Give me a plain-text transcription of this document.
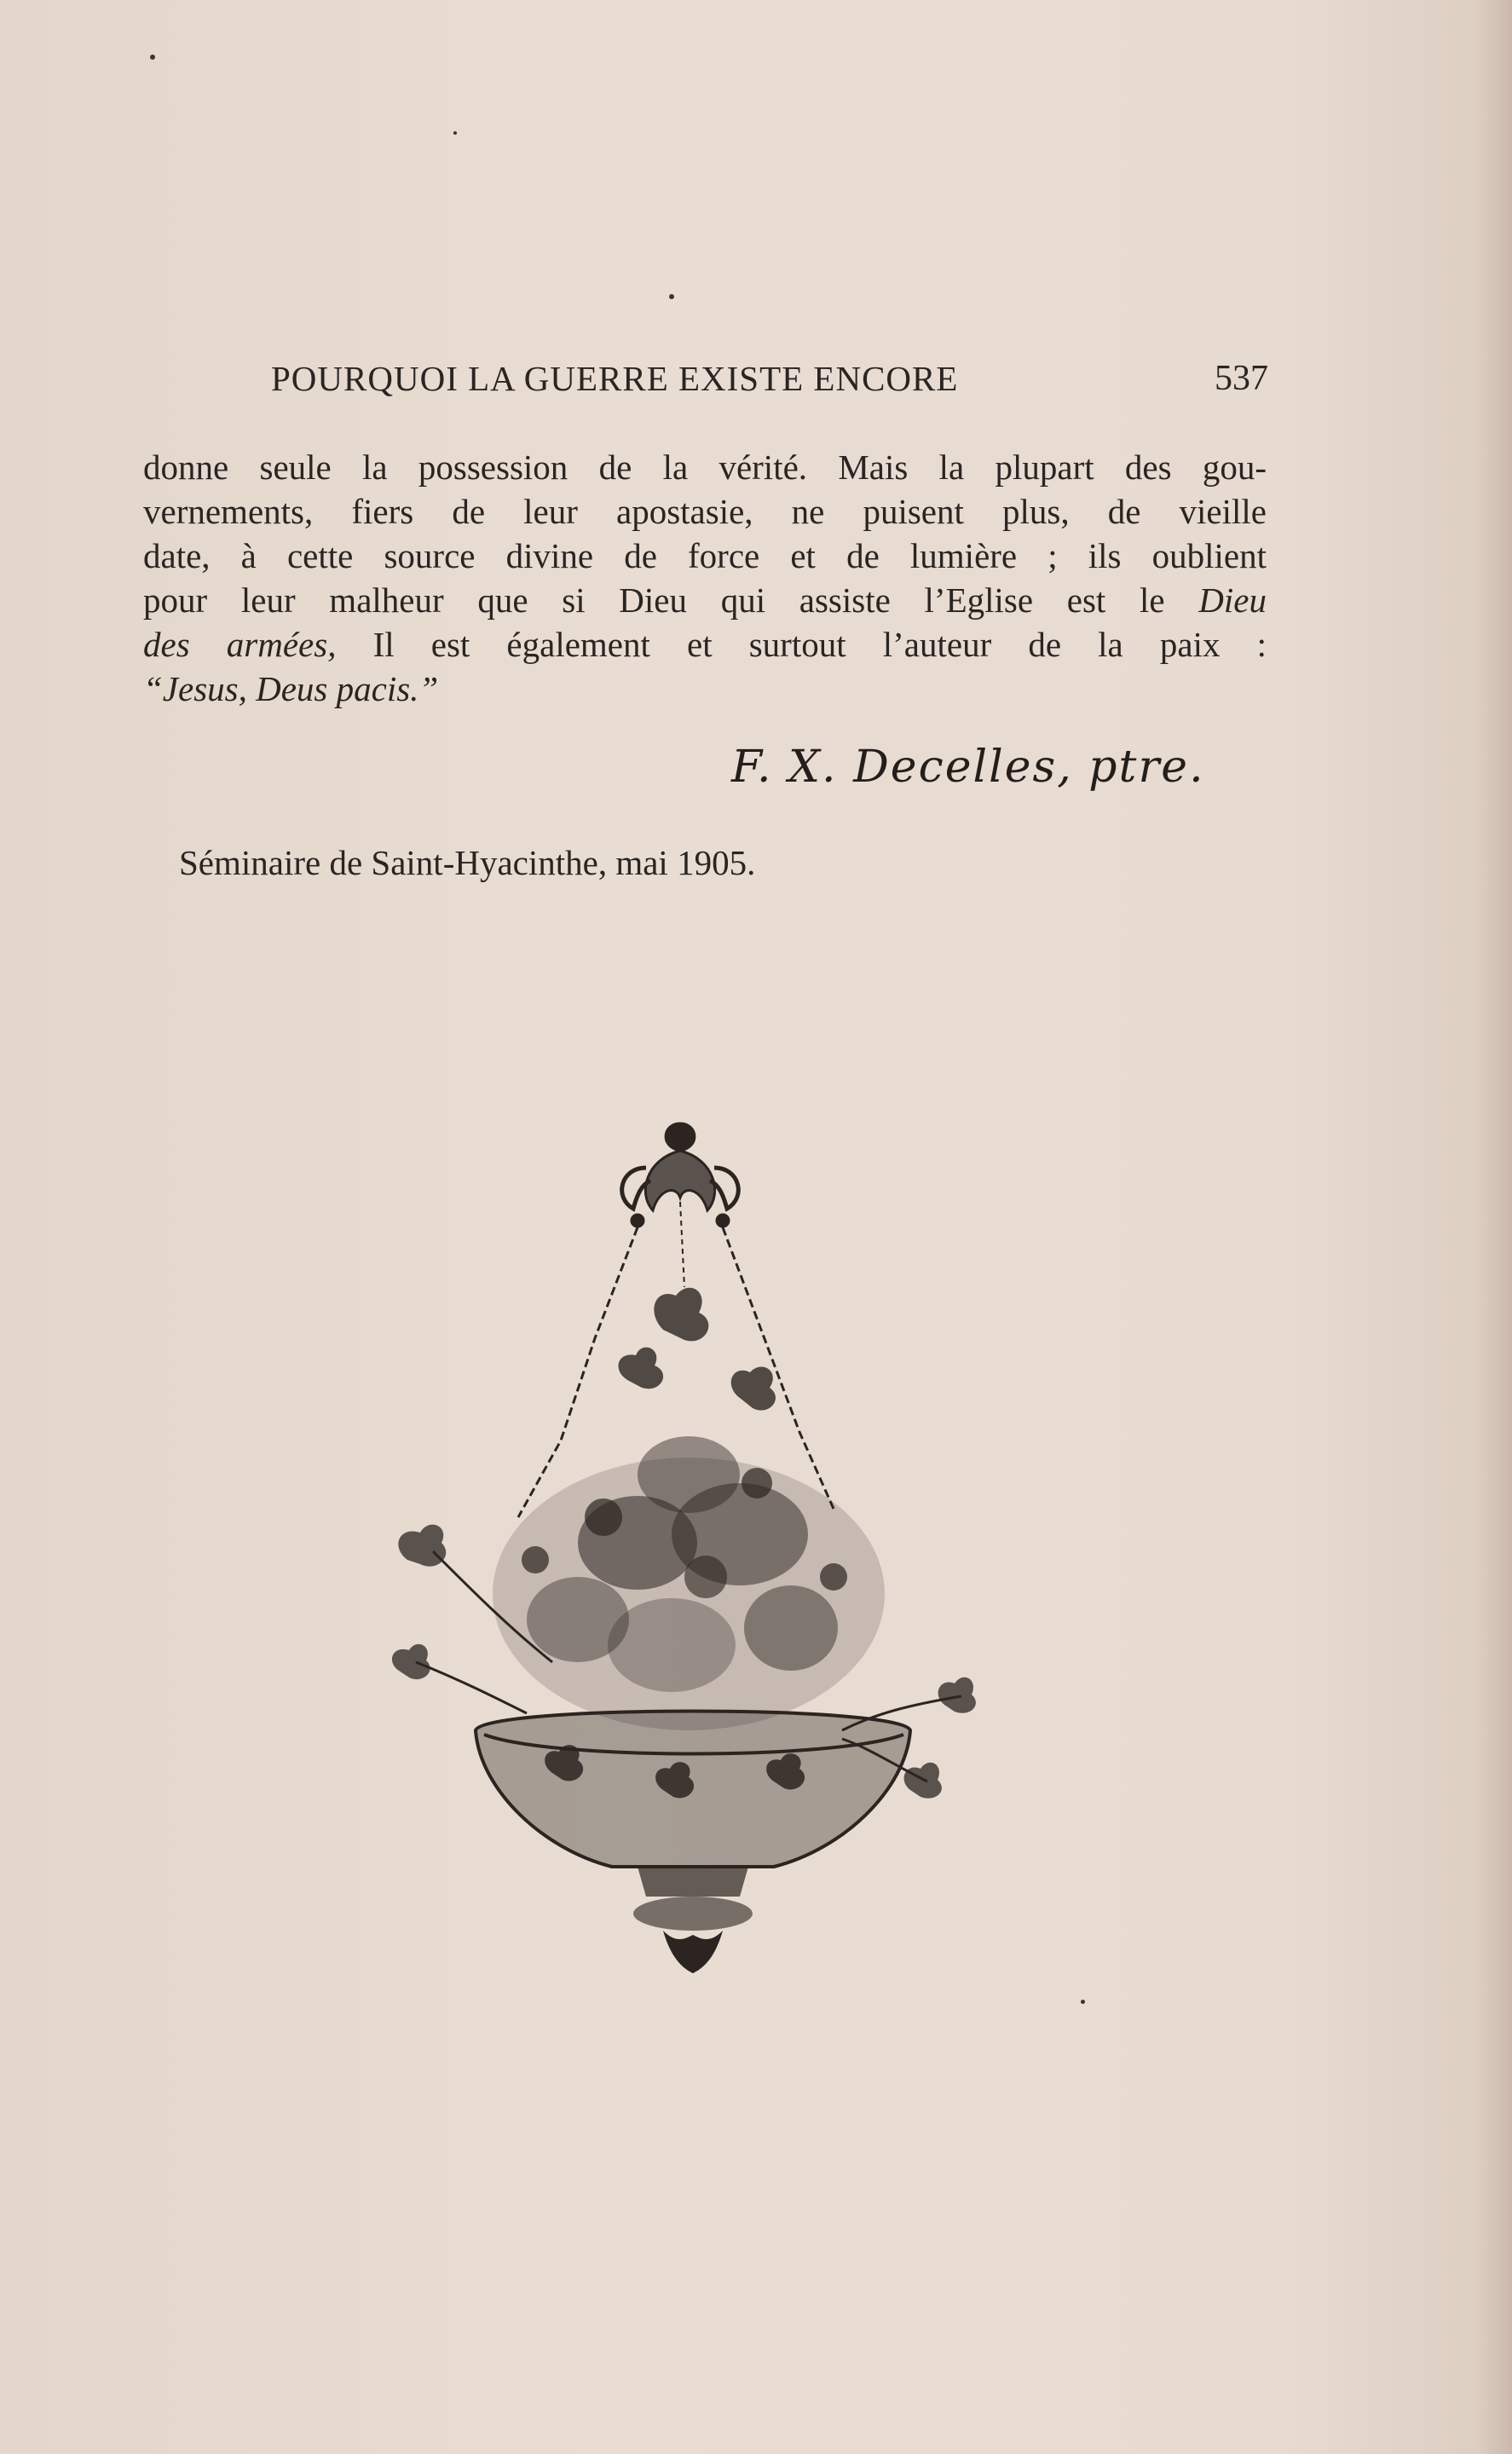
POURQUOI LA GUERRE EXISTE ENCORE	537
donne seule la possession de la vérité. Mais la plupart des gou-
vernements, fiers de leur apostasie, ne puisent plus, de vieille
date, à cette source divine de force et de lumière ; ils oublient
pour leur malheur que si Dieu qui assiste l’Eglise est le Dieu
des armées, Il est également et surtout l’auteur de la paix :
“Jesus, Deus pacis.”
F. X. Decelles, ptre.
Séminaire de Saint-Hyacinthe, mai 1905.
